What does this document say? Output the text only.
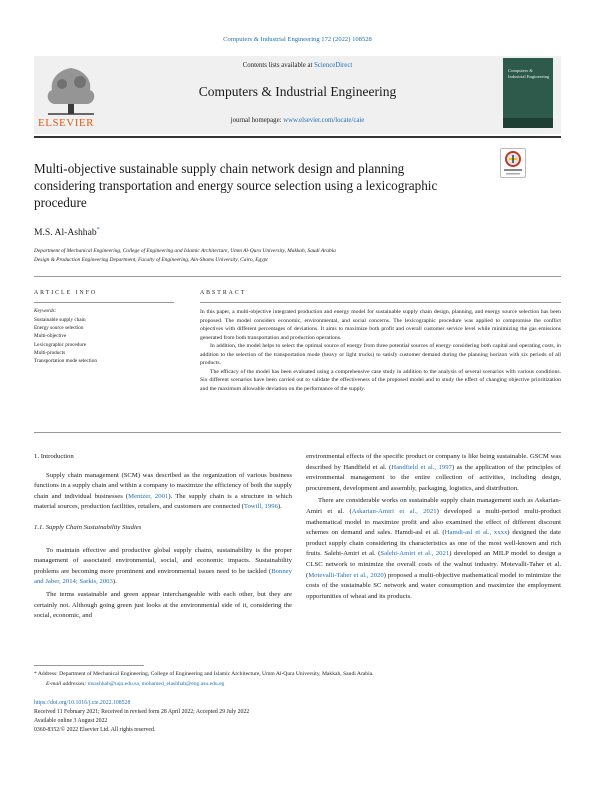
Computers & Industrial Engineering 172 (2022) 108528
ELSEVIER
Contents lists available at ScienceDirect
Computers & Industrial Engineering
journal homepage: www.elsevier.com/locate/caie
Computers & Industrial Engineering
Multi-objective sustainable supply chain network design and planning considering transportation and energy source selection using a lexicographic procedure
M.S. Al-Ashhab*
Department of Mechanical Engineering, College of Engineering and Islamic Architecture, Umm Al-Qura University, Makkah, Saudi Arabia
Design & Production Engineering Department, Faculty of Engineering, Ain-Shams University, Cairo, Egypt
ARTICLE INFO
Keywords:
Sustainable supply chain
Energy source selection
Multi-objective
Lexicographic procedure
Multi-products
Transportation mode selection
ABSTRACT

In this paper, a multi-objective integrated production and energy model for sustainable supply chain design, planning, and energy source selection has been proposed. The model considers economic, environmental, and social concerns. The lexicographic procedure was applied to compromise the conflict objectives with different percentages of deviations. It aims to maximize both profit and overall customer service level while minimizing the gas emissions generated from both transportation and production operations.

In addition, the model helps to select the optimal source of energy from three potential sources of energy considering both capital and operating costs, in addition to the selection of the transportation mode (heavy or light trucks) to satisfy customer demand during the planning horizon with six periods of all products.

The efficacy of the model has been evaluated using a comprehensive case study in addition to the analysis of several scenarios with various conditions. Six different scenarios have been carried out to validate the effectiveness of the proposed model and to study the effect of changing objective prioritization and the maximum allowable deviation on the performance of the supply.

1. Introduction

Supply chain management (SCM) was described as the organization of various business functions in a supply chain and within a company to maximize the efficiency of both the supply chain and individual businesses (Mentzer, 2001). The supply chain is a structure in which material sources, production facilities, retailers, and customers are connected (Towill, 1996).

1.1. Supply Chain Sustainability Studies

To maintain effective and productive global supply chains, sustainability is the proper management of associated environmental, social, and economic impacts. Sustainability problems are becoming more prominent and environmental issues need to be tackled (Bonney and Jaber, 2014; Sarkis, 2003).

The terms sustainable and green appear interchangeable with each other, but they are certainly not. Although going green just looks at the environmental side of it, considering the social, economic, and

environmental effects of the specific product or company is like being sustainable. GSCM was described by Handfield et al. (Handfield et al., 1997) as the application of the principles of environmental management to the entire collection of activities, including design, procurement, development and assembly, packaging, logistics, and distribution.

There are considerable works on sustainable supply chain management such as Askarian-Amiri et al. (Askarian-Amiri et al., 2021) developed a multi-period multi-product mathematical model to maximize profit and also examined the effect of different discount schemes on demand and sales. Hamdi-asl et al. (Hamdi-asl et al., xxxx) designed the date product supply chain considering its characteristics as one of the most well-known and rich fruits. Salehi-Amiri et al. (Salehi-Amiri et al., 2021) developed an MILP model to design a CLSC network to minimize the overall costs of the walnut industry. Motevalli-Taher et al. (Motevalli-Taher et al., 2020) proposed a multi-objective mathematical model to minimize the costs of the sustainable SC network and water consumption and maximize the employment opportunities of wheat and its products.

* Address: Department of Mechanical Engineering, College of Engineering and Islamic Architecture, Umm Al-Qura University, Makkah, Saudi Arabia.
E-mail addresses: msashhab@uqu.edu.sa, mohamed_elashhab@eng.asu.edu.eg
https://doi.org/10.1016/j.cie.2022.108528
Received 11 February 2021; Received in revised form 28 April 2022; Accepted 29 July 2022
Available online 3 August 2022
0360-8352/© 2022 Elsevier Ltd. All rights reserved.
